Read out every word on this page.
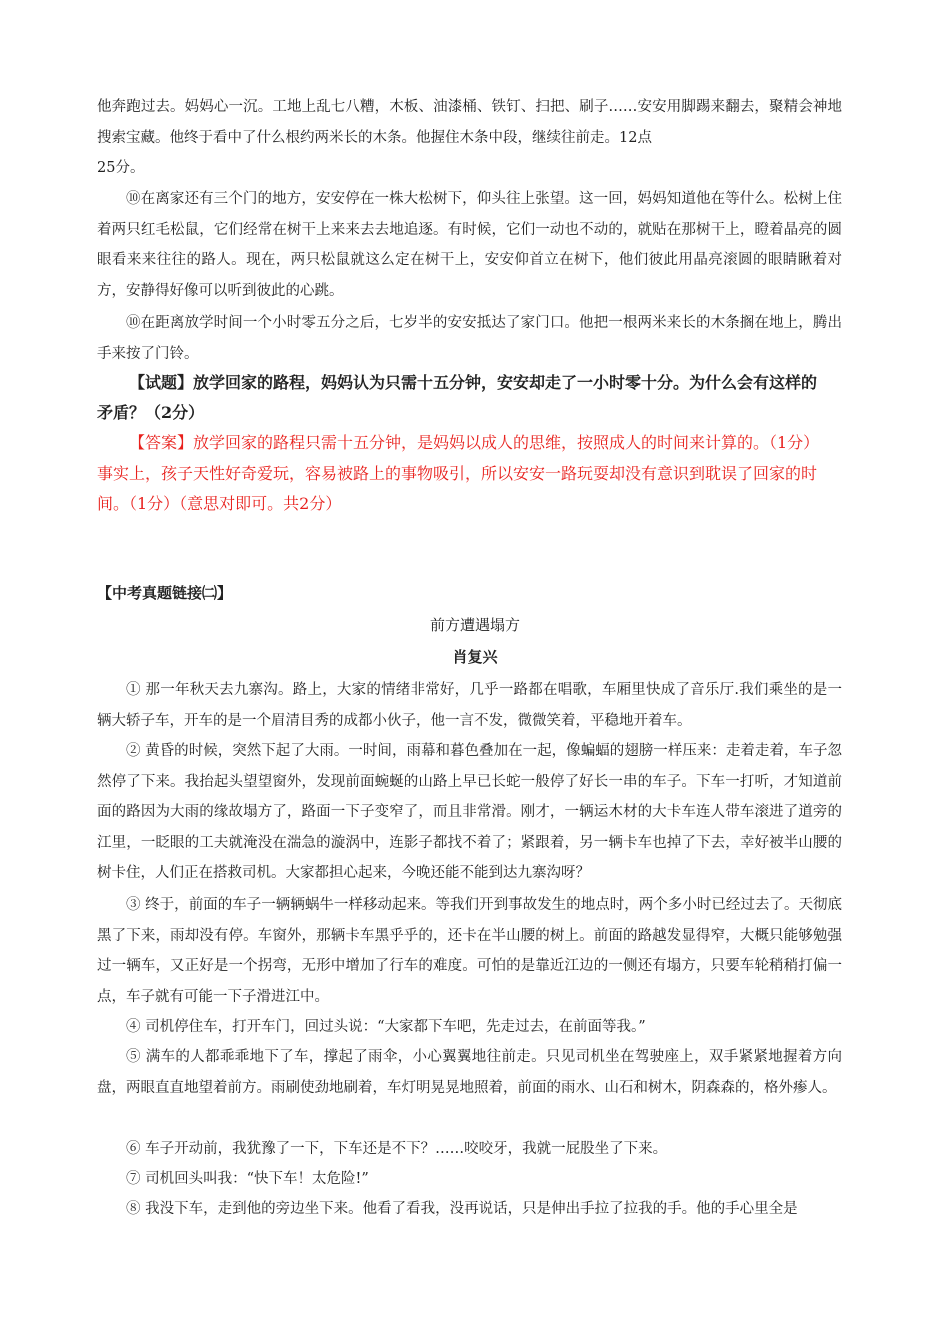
他奔跑过去。妈妈心一沉。工地上乱七八糟，木板、油漆桶、铁钉、扫把、刷子……安安用脚踢来翻去，聚精会神地搜索宝藏。他终于看中了什么根约两米长的木条。他握住木条中段，继续往前走。12点

25分。

⑩在离家还有三个门的地方，安安停在一株大松树下，仰头往上张望。这一回，妈妈知道他在等什么。松树上住着两只红毛松鼠，它们经常在树干上来来去去地追逐。有时候，它们一动也不动的，就贴在那树干上，瞪着晶亮的圆眼看来来往往的路人。现在，两只松鼠就这么定在树干上，安安仰首立在树下，他们彼此用晶亮滚圆的眼睛瞅着对方，安静得好像可以听到彼此的心跳。

⑩在距离放学时间一个小时零五分之后，七岁半的安安抵达了家门口。他把一根两米来长的木条搁在地上，腾出手来按了门铃。

【试题】放学回家的路程，妈妈认为只需十五分钟，安安却走了一小时零十分。为什么会有这样的矛盾？（2分）

【答案】放学回家的路程只需十五分钟，是妈妈以成人的思维，按照成人的时间来计算的。（1分）事实上，孩子天性好奇爱玩，容易被路上的事物吸引，所以安安一路玩耍却没有意识到耽误了回家的时间。（1分）（意思对即可。共2分）

【中考真题链接㈡】

前方遭遇塌方

肖复兴

① 那一年秋天去九寨沟。路上，大家的情绪非常好，几乎一路都在唱歌，车厢里快成了音乐厅.我们乘坐的是一辆大轿子车，开车的是一个眉清目秀的成都小伙子，他一言不发，微微笑着，平稳地开着车。

② 黄昏的时候，突然下起了大雨。一时间，雨幕和暮色叠加在一起，像蝙蝠的翅膀一样压来：走着走着，车子忽然停了下来。我抬起头望望窗外，发现前面蜿蜒的山路上早已长蛇一般停了好长一串的车子。下车一打听，才知道前面的路因为大雨的缘故塌方了，路面一下子变窄了，而且非常滑。刚才，一辆运木材的大卡车连人带车滚进了道旁的江里，一眨眼的工夫就淹没在湍急的漩涡中，连影子都找不着了；紧跟着，另一辆卡车也掉了下去，幸好被半山腰的树卡住，人们正在搭救司机。大家都担心起来，今晚还能不能到达九寨沟呀？

③ 终于，前面的车子一辆辆蜗牛一样移动起来。等我们开到事故发生的地点时，两个多小时已经过去了。天彻底黑了下来，雨却没有停。车窗外，那辆卡车黑乎乎的，还卡在半山腰的树上。前面的路越发显得窄，大概只能够勉强过一辆车，又正好是一个拐弯，无形中增加了行车的难度。可怕的是靠近江边的一侧还有塌方，只要车轮稍稍打偏一点，车子就有可能一下子滑进江中。

④ 司机停住车，打开车门，回过头说：“大家都下车吧，先走过去，在前面等我。”

⑤ 满车的人都乖乖地下了车，撑起了雨伞，小心翼翼地往前走。只见司机坐在驾驶座上，双手紧紧地握着方向盘，两眼直直地望着前方。雨刷使劲地刷着，车灯明晃晃地照着，前面的雨水、山石和树木，阴森森的，格外瘆人。

⑥ 车子开动前，我犹豫了一下，下车还是不下？……咬咬牙，我就一屁股坐了下来。

⑦ 司机回头叫我：“快下车！太危险!”

⑧ 我没下车，走到他的旁边坐下来。他看了看我，没再说话，只是伸出手拉了拉我的手。他的手心里全是
